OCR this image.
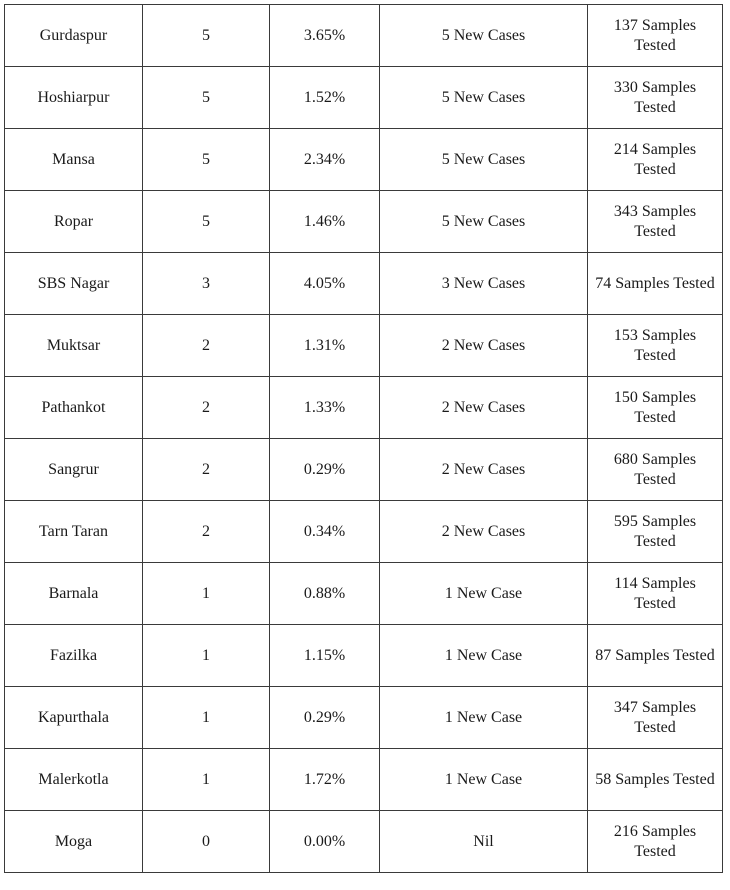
Gurdaspur	5	3.65%	5 New Cases	137 Samples Tested
Hoshiarpur	5	1.52%	5 New Cases	330 Samples Tested
Mansa	5	2.34%	5 New Cases	214 Samples Tested
Ropar	5	1.46%	5 New Cases	343 Samples Tested
SBS Nagar	3	4.05%	3 New Cases	74 Samples Tested
Muktsar	2	1.31%	2 New Cases	153 Samples Tested
Pathankot	2	1.33%	2 New Cases	150 Samples Tested
Sangrur	2	0.29%	2 New Cases	680 Samples Tested
Tarn Taran	2	0.34%	2 New Cases	595 Samples Tested
Barnala	1	0.88%	1 New Case	114 Samples Tested
Fazilka	1	1.15%	1 New Case	87 Samples Tested
Kapurthala	1	0.29%	1 New Case	347 Samples Tested
Malerkotla	1	1.72%	1 New Case	58 Samples Tested
Moga	0	0.00%	Nil	216 Samples Tested
